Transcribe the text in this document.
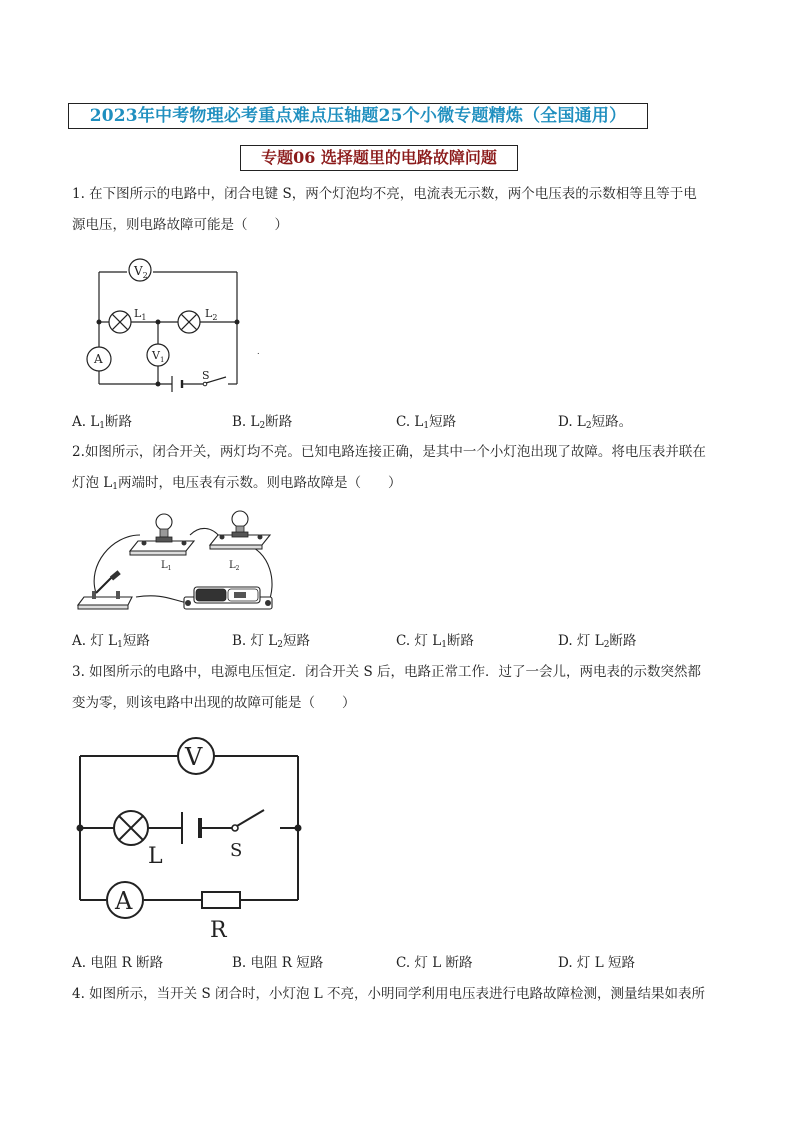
2023年中考物理必考重点难点压轴题25个小微专题精炼（全国通用）
专题06 选择题里的电路故障问题
1. 在下图所示的电路中，闭合电键 S，两个灯泡均不亮，电流表无示数，两个电压表的示数相等且等于电
源电压，则电路故障可能是（　　）
$V_2$
$L_1$	$L_2$
A	$V_1$
S
.
A. $L_1$断路	B. $L_2$断路	C. $L_1$短路	D. $L_2$短路。
2.如图所示，闭合开关，两灯均不亮。已知电路连接正确，是其中一个小灯泡出现了故障。将电压表并联在
灯泡 $L_1$两端时，电压表有示数。则电路故障是（　　）
$L_1$	$L_2$
A. 灯 $L_1$短路	B. 灯 $L_2$短路	C. 灯 $L_1$断路	D. 灯 $L_2$断路
3. 如图所示的电路中，电源电压恒定．闭合开关 S 后，电路正常工作．过了一会儿，两电表的示数突然都
变为零，则该电路中出现的故障可能是（　　）
V
L	S
A
R
A. 电阻 R 断路	B. 电阻 R 短路	C. 灯 L 断路	D. 灯 L 短路
4. 如图所示，当开关 S 闭合时，小灯泡 L 不亮，小明同学利用电压表进行电路故障检测，测量结果如表所
